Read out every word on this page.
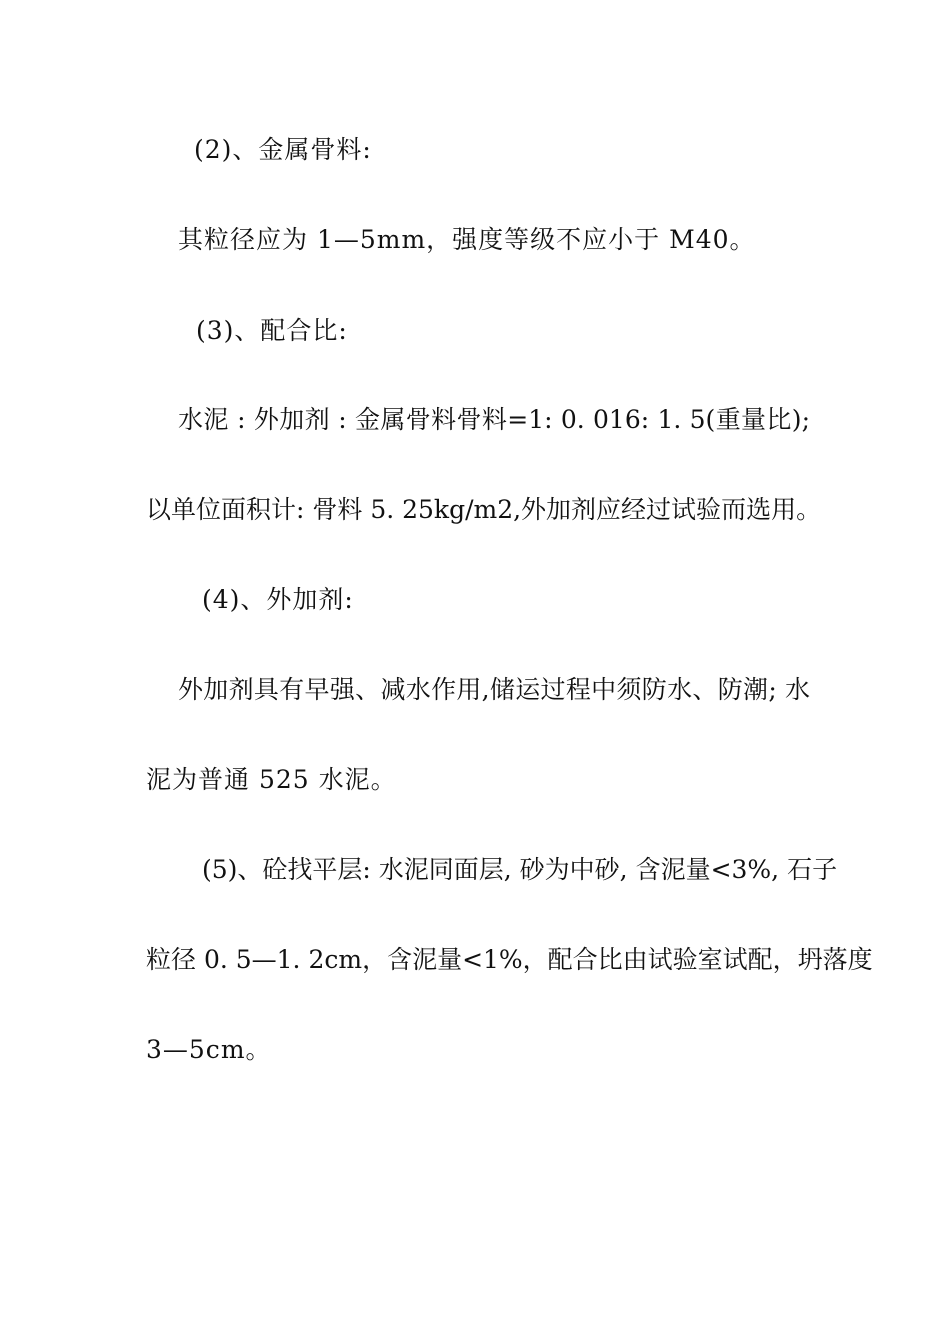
(2)、金属骨料:
其粒径应为 1—5mm，强度等级不应小于 M40。
(3)、配合比:
水泥 : 外加剂 : 金属骨料骨料=1: 0. 016: 1. 5(重量比);
以单位面积计: 骨料 5. 25kg/m2,外加剂应经过试验而选用。
(4)、外加剂:
外加剂具有早强、减水作用,储运过程中须防水、防潮; 水
泥为普通 525 水泥。
(5)、砼找平层: 水泥同面层, 砂为中砂, 含泥量<3%, 石子
粒径 0. 5—1. 2cm，含泥量<1%，配合比由试验室试配，坍落度
3—5cm。
